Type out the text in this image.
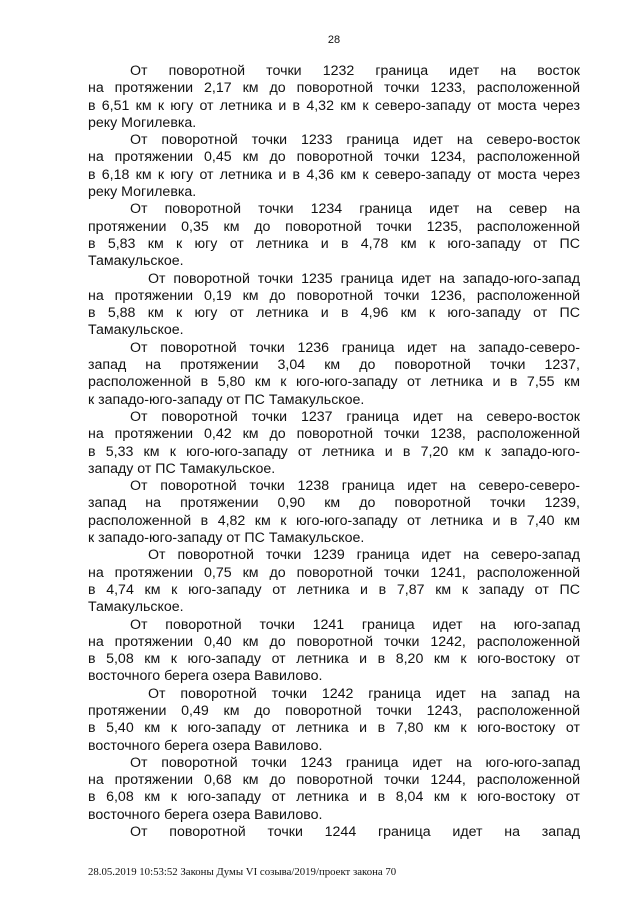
28
От поворотной точки 1232 граница идет на восток
на протяжении 2,17 км до поворотной точки 1233, расположенной
в 6,51 км к югу от летника и в 4,32 км к северо-западу от моста через
реку Могилевка.
От поворотной точки 1233 граница идет на северо-восток
на протяжении 0,45 км до поворотной точки 1234, расположенной
в 6,18 км к югу от летника и в 4,36 км к северо-западу от моста через
реку Могилевка.
От поворотной точки 1234 граница идет на север на
протяжении 0,35 км до поворотной точки 1235, расположенной
в 5,83 км к югу от летника и в 4,78 км к юго-западу от ПС
Тамакульское.
От поворотной точки 1235 граница идет на западо-юго-запад
на протяжении 0,19 км до поворотной точки 1236, расположенной
в 5,88 км к югу от летника и в 4,96 км к юго-западу от ПС
Тамакульское.
От поворотной точки 1236 граница идет на западо-северо-
запад на протяжении 3,04 км до поворотной точки 1237,
расположенной в 5,80 км к юго-юго-западу от летника и в 7,55 км
к западо-юго-западу от ПС Тамакульское.
От поворотной точки 1237 граница идет на северо-восток
на протяжении 0,42 км до поворотной точки 1238, расположенной
в 5,33 км к юго-юго-западу от летника и в 7,20 км к западо-юго-
западу от ПС Тамакульское.
От поворотной точки 1238 граница идет на северо-северо-
запад на протяжении 0,90 км до поворотной точки 1239,
расположенной в 4,82 км к юго-юго-западу от летника и в 7,40 км
к западо-юго-западу от ПС Тамакульское.
От поворотной точки 1239 граница идет на северо-запад
на протяжении 0,75 км до поворотной точки 1241, расположенной
в 4,74 км к юго-западу от летника и в 7,87 км к западу от ПС
Тамакульское.
От поворотной точки 1241 граница идет на юго-запад
на протяжении 0,40 км до поворотной точки 1242, расположенной
в 5,08 км к юго-западу от летника и в 8,20 км к юго-востоку от
восточного берега озера Вавилово.
От поворотной точки 1242 граница идет на запад на
протяжении 0,49 км до поворотной точки 1243, расположенной
в 5,40 км к юго-западу от летника и в 7,80 км к юго-востоку от
восточного берега озера Вавилово.
От поворотной точки 1243 граница идет на юго-юго-запад
на протяжении 0,68 км до поворотной точки 1244, расположенной
в 6,08 км к юго-западу от летника и в 8,04 км к юго-востоку от
восточного берега озера Вавилово.
От поворотной точки 1244 граница идет на запад
28.05.2019 10:53:52 Законы Думы VI созыва/2019/проект закона 70
